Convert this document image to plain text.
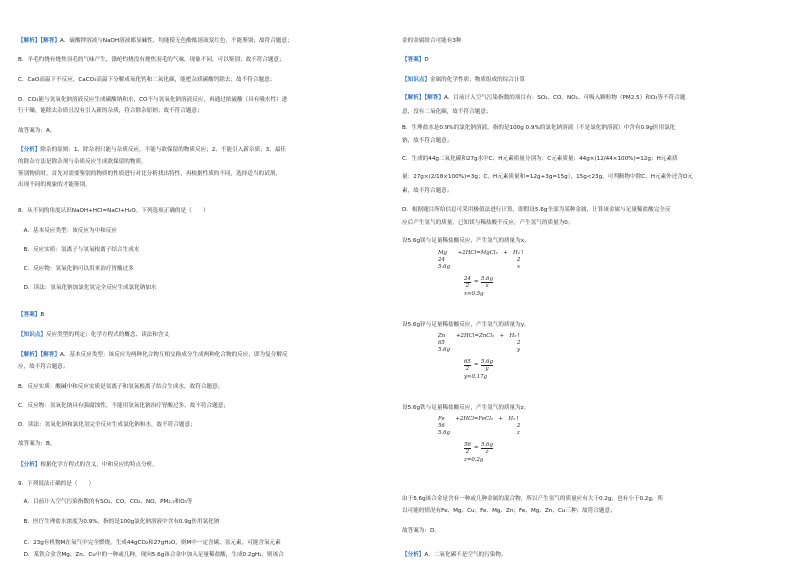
【解析】【解答】A．硫酸钾溶液与NaOH溶液都显碱性，均能使无色酚酞溶液变红色，不能鉴别；故符合题意；
B．羊毛灼烧有烧焦羽毛的气味产生，涤纶灼烧没有烧焦羽毛的气味，现象不同，可以鉴别；故不符合题意；
C．CaO高温下不反应，CaCO₃高温下分解成氧化钙和二氧化碳，能把杂质碳酸钙除去；故不符合题意；
D．CO₂能与氢氧化钠溶液反应生成碳酸钠和水，CO不与氢氧化钠溶液反应，再通过浓硫酸（具有吸水性）进
行干燥，能除去杂质且没有引入新的杂质，符合除杂原则；故不符合题意；
故答案为：A。
【分析】除杂的原则：1、除杂剂只能与杂质反应，不能与欲保留的物质反应；2、不能引入新杂质；3、最佳
的除杂方法是除杂剂与杂质反应生成欲保留的物质。
鉴别物质时，首先对需要鉴别的物质的性质进行对比分析找出特性，再根据性质的不同，选择适当的试剂，
出现不同的现象的才能鉴别。
8．从不同的角度认识NaOH+HCl=NaCl+H₂O。下列选项正确的是（　　）
　A．基本反应类型：该反应为中和反应
　B．反应实质：氢离子与氢氧根离子结合生成水
　C．反应物：氢氧化钠可以用来治疗胃酸过多
　D．读法：氢氧化钠加氯化氢完全反应生成氯化钠加水
【答案】B
【知识点】反应类型的判定；化学方程式的概念、读法和含义
【解析】【解答】A．基本反应类型：该反应为两种化合物互相交换成分生成两种化合物的反应，即为复分解反
应，故不符合题意；
B．反应实质：酸碱中和反应实质是氢离子和氢氧根离子结合生成水，故符合题意；
C．反应物：氢氧化钠具有强腐蚀性，不能用氢氧化钠治疗胃酸过多，故不符合题意；
D．读法：氢氧化钠和氯化氢完全反应生成氯化钠和水，故不符合题意；
故答案为：B。
【分析】根据化学方程式的含义，中和反应的特点分析。
9．下列说法正确的是（　　）
　A．目前计入空气污染指数的有SO₂、CO、CO₂、NO、PM₂.₅和O₃等
　B．医疗生理盐水浓度为0.9%，指的是100g氯化钠溶液中含有0.9g医用氯化钠
　C．23g有机物M在氧气中完全燃烧，生成44gCO₂和27gH₂O，则M中一定含碳、氢元素，可能含氧元素
　D．某铁合金含Mg、Zn、Cu中的一种或几种，现向5.6g该合金中加入足量稀盐酸，生成0.2gH₂，则该合
金的金属组合可能有3种
【答案】D
【知识点】金属的化学性质；物质组成的综合计算
【解析】【解答】A．目前计入空气污染指数的项目有：SO₂、CO、NO₂、可吸入颗粒物（PM2.5）和O₃等不符合题
意，没有二氧化碳，故不符合题意；
B．生理盐水是0.9%的氯化钠溶液，指的是100g 0.9%的氯化钠溶液（不是氯化钠溶液）中含有0.9g医用氯化
钠，故不符合题意；
C．生成的44g二氧化碳和27g水中C、H元素质量分别为：C元素质量：44g×(12/44×100%)=12g；H元素质
量：27g×(2/18×100%)=3g；C、H元素质量和=12g+3g=15g），15g<23g，可判断物中除C、H元素外还含O元
素，故不符合题意；
D．根据题目所给信息可采用极值法进行计算，即假设5.6g全部为某种金属，计算该金属与足量稀盐酸完全反
应后产生氢气的质量，已知镁与稀盐酸不反应，产生氢气的质量为0；
设5.6g镁与足量稀盐酸反应，产生氢气的质量为x。
设5.6g锌与足量稀盐酸反应，产生氢气的质量为y。
设5.6g铁与足量稀盐酸反应，产生氢气的质量为z。
由于5.6g该合金是含有一种或几种金属的混合物，所以产生氢气的质量应有大于0.2g，也有小于0.2g，所
以可能的情况有Fe、Mg、Cu；Fe、Mg、Zn；Fe、Mg、Zn、Cu三种；故符合题意；
故答案为：D。
【分析】A．二氧化碳不是空气的污染物。
Mg　　+2HCl=MgCl₂　+　H₂↑
24	2
5.6g	x
$\frac{24}{2} = \frac{5.6g}{x}$
x≈0.5g
Zn　　+2HCl=ZnCl₂　+　H₂↑
65	2
5.6g	y
$\frac{65}{2} = \frac{5.6g}{y}$
y≈0.17g
Fe　　+2HCl=FeCl₂　+　H₂↑
56	2
5.6g	z
$\frac{56}{2} = \frac{5.6g}{z}$
z=0.2g
